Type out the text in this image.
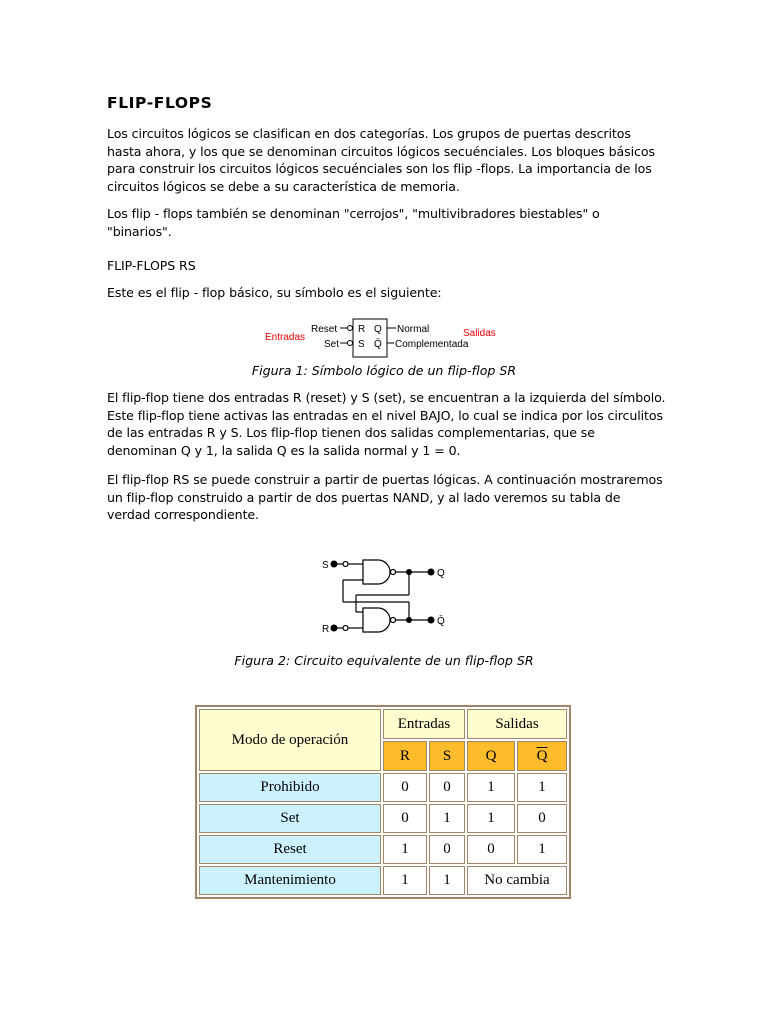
FLIP-FLOPS

Los circuitos lógicos se clasifican en dos categorías. Los grupos de puertas descritos hasta ahora, y los que se denominan circuitos lógicos secuénciales. Los bloques básicos para construir los circuitos lógicos secuénciales son los flip -flops. La importancia de los circuitos lógicos se debe a su característica de memoria.

Los flip - flops también se denominan "cerrojos", "multivibradores biestables" o "binarios".

FLIP-FLOPS RS

Este es el flip - flop básico, su símbolo es el siguiente:

Entradas
Reset
Set
R
S
Q
Q̄
Normal
Complementada
Salidas

Figura 1: Símbolo lógico de un flip-flop SR

El flip-flop tiene dos entradas R (reset) y S (set), se encuentran a la izquierda del símbolo. Este flip-flop tiene activas las entradas en el nivel BAJO, lo cual se indica por los circulitos de las entradas R y S. Los flip-flop tienen dos salidas complementarias, que se denominan Q y 1, la salida Q es la salida normal y 1 = 0.

El flip-flop RS se puede construir a partir de puertas lógicas. A continuación mostraremos un flip-flop construido a partir de dos puertas NAND, y al lado veremos su tabla de verdad correspondiente.

S
R
Q
Q̄

Figura 2: Circuito equivalente de un flip-flop SR

Modo de operación	Entradas		Salidas	
	R	S	Q	$\overline{Q}$
Prohibido	0	0	1	1
Set	0	1	1	0
Reset	1	0	0	1
Mantenimiento	1	1	No cambia	
